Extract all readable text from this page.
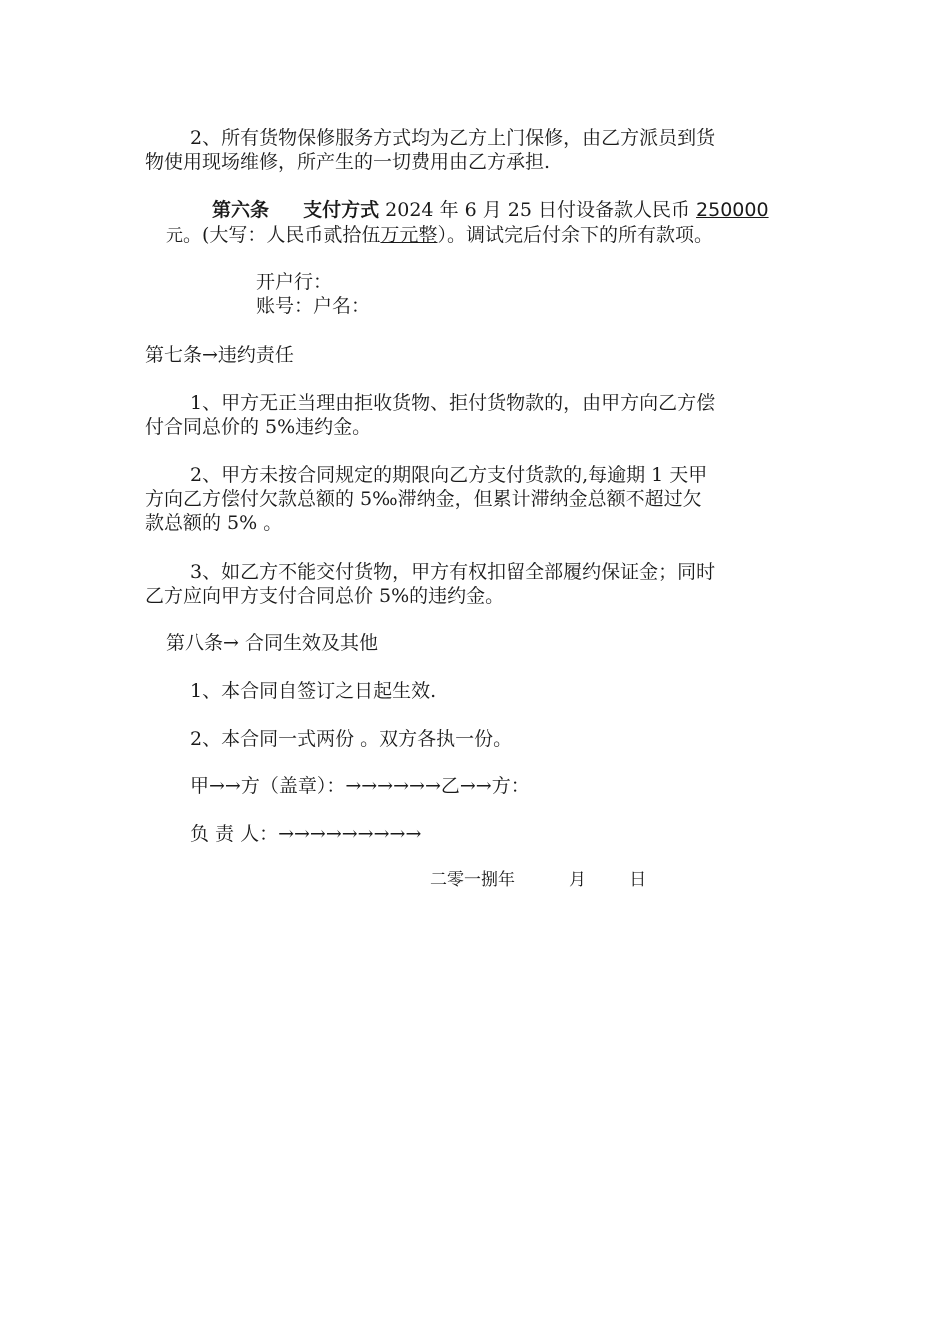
2、所有货物保修服务方式均为乙方上门保修，由乙方派员到货
物使用现场维修，所产生的一切费用由乙方承担.
第六条 支付方式 2024 年 6 月 25 日付设备款人民币 250000
元。(大写：人民币贰拾伍万元整）。调试完后付余下的所有款项。
开户行：
账号：户名：
第七条→违约责任
1、甲方无正当理由拒收货物、拒付货物款的，由甲方向乙方偿
付合同总价的 5%违约金。
2、甲方未按合同规定的期限向乙方支付货款的,每逾期 1 天甲
方向乙方偿付欠款总额的 5‰滞纳金，但累计滞纳金总额不超过欠
款总额的 5% 。
3、如乙方不能交付货物，甲方有权扣留全部履约保证金；同时
乙方应向甲方支付合同总价 5%的违约金。
第八条→ 合同生效及其他
1、本合同自签订之日起生效.
2、本合同一式两份 。双方各执一份。
甲→→方（盖章）：→→→→→→乙→→方：
负 责 人：→→→→→→→→→
二零一捌年          月        日
